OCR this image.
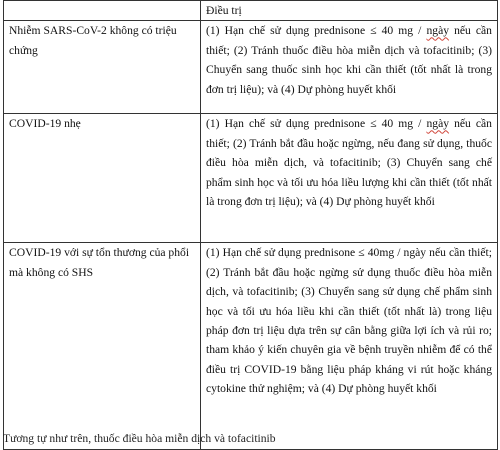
	Điều trị
Nhiễm SARS-CoV-2 không có triệu chứng	(1) Hạn chế sử dụng prednisone ≤ 40 mg / ngày nếu cần thiết; (2) Tránh thuốc điều hòa miễn dịch và tofacitinib; (3) Chuyển sang thuốc sinh học khi cần thiết (tốt nhất là trong đơn trị liệu); và (4) Dự phòng huyết khối
COVID-19 nhẹ	(1) Hạn chế sử dụng prednisone ≤ 40 mg / ngày nếu cần thiết; (2) Tránh bắt đầu hoặc ngừng, nếu đang sử dụng, thuốc điều hòa miễn dịch, và tofacitinib; (3) Chuyển sang chế phẩm sinh học và tối ưu hóa liều lượng khi cần thiết (tốt nhất là trong đơn trị liệu); và (4) Dự phòng huyết khối
COVID-19 với sự tổn thương của phổi mà không có SHS	(1) Hạn chế sử dụng prednisone ≤ 40mg / ngày nếu cần thiết; (2) Tránh bắt đầu hoặc ngừng sử dụng thuốc điều hòa miễn dịch, và tofacitinib; (3) Chuyển sang sử dụng chế phẩm sinh học và tối ưu hóa liều khi cần thiết (tốt nhất là) trong liệu pháp đơn trị liệu dựa trên sự cân bằng giữa lợi ích và rủi ro; tham khảo ý kiến chuyên gia về bệnh truyền nhiễm để có thể điều trị COVID-19 bằng liệu pháp kháng vi rút hoặc kháng cytokine thử nghiệm; và (4) Dự phòng huyết khối
Tương tự như trên, thuốc điều hòa miễn dịch và tofacitinib
